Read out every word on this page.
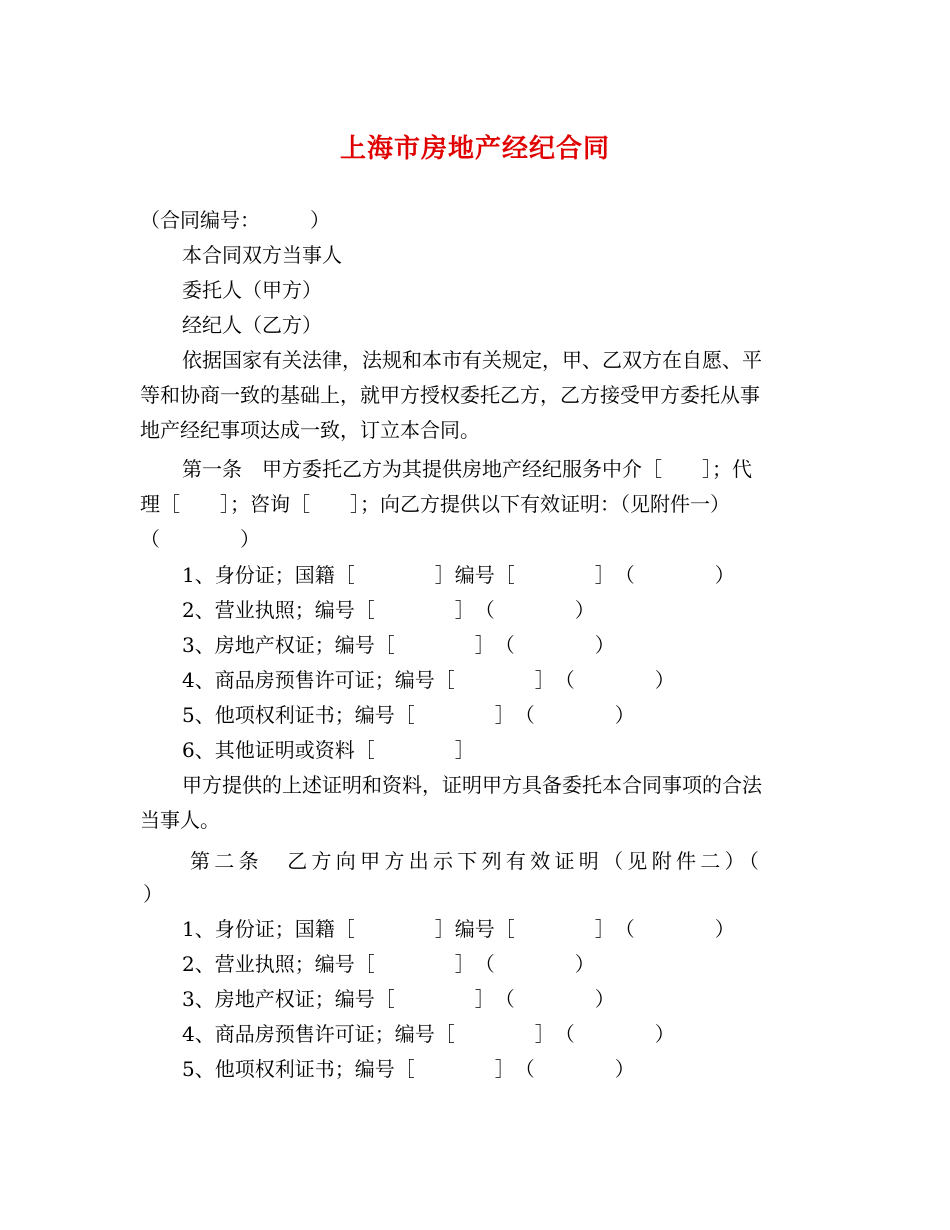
上海市房地产经纪合同
（合同编号：　　　）
本合同双方当事人
委托人（甲方）
经纪人（乙方）
依据国家有关法律，法规和本市有关规定，甲、乙双方在自愿、平
等和协商一致的基础上，就甲方授权委托乙方，乙方接受甲方委托从事
地产经纪事项达成一致，订立本合同。
第一条　甲方委托乙方为其提供房地产经纪服务中介［　　］；代
理［　　］；咨询［　　］；向乙方提供以下有效证明：（见附件一）
（　　　　）
1、身份证；国籍［　　　　］编号［　　　　］　（　　　　）
2、营业执照；编号［　　　　］　（　　　　）
3、房地产权证；编号［　　　　］　（　　　　）
4、商品房预售许可证；编号［　　　　］　（　　　　）
5、他项权利证书；编号［　　　　］　（　　　　）
6、其他证明或资料［　　　　］
甲方提供的上述证明和资料，证明甲方具备委托本合同事项的合法
当事人。
第二条　乙方向甲方出示下列有效证明（见附件二）（
）
1、身份证；国籍［　　　　］编号［　　　　］　（　　　　）
2、营业执照；编号［　　　　］　（　　　　）
3、房地产权证；编号［　　　　］　（　　　　）
4、商品房预售许可证；编号［　　　　］　（　　　　）
5、他项权利证书；编号［　　　　］　（　　　　）
